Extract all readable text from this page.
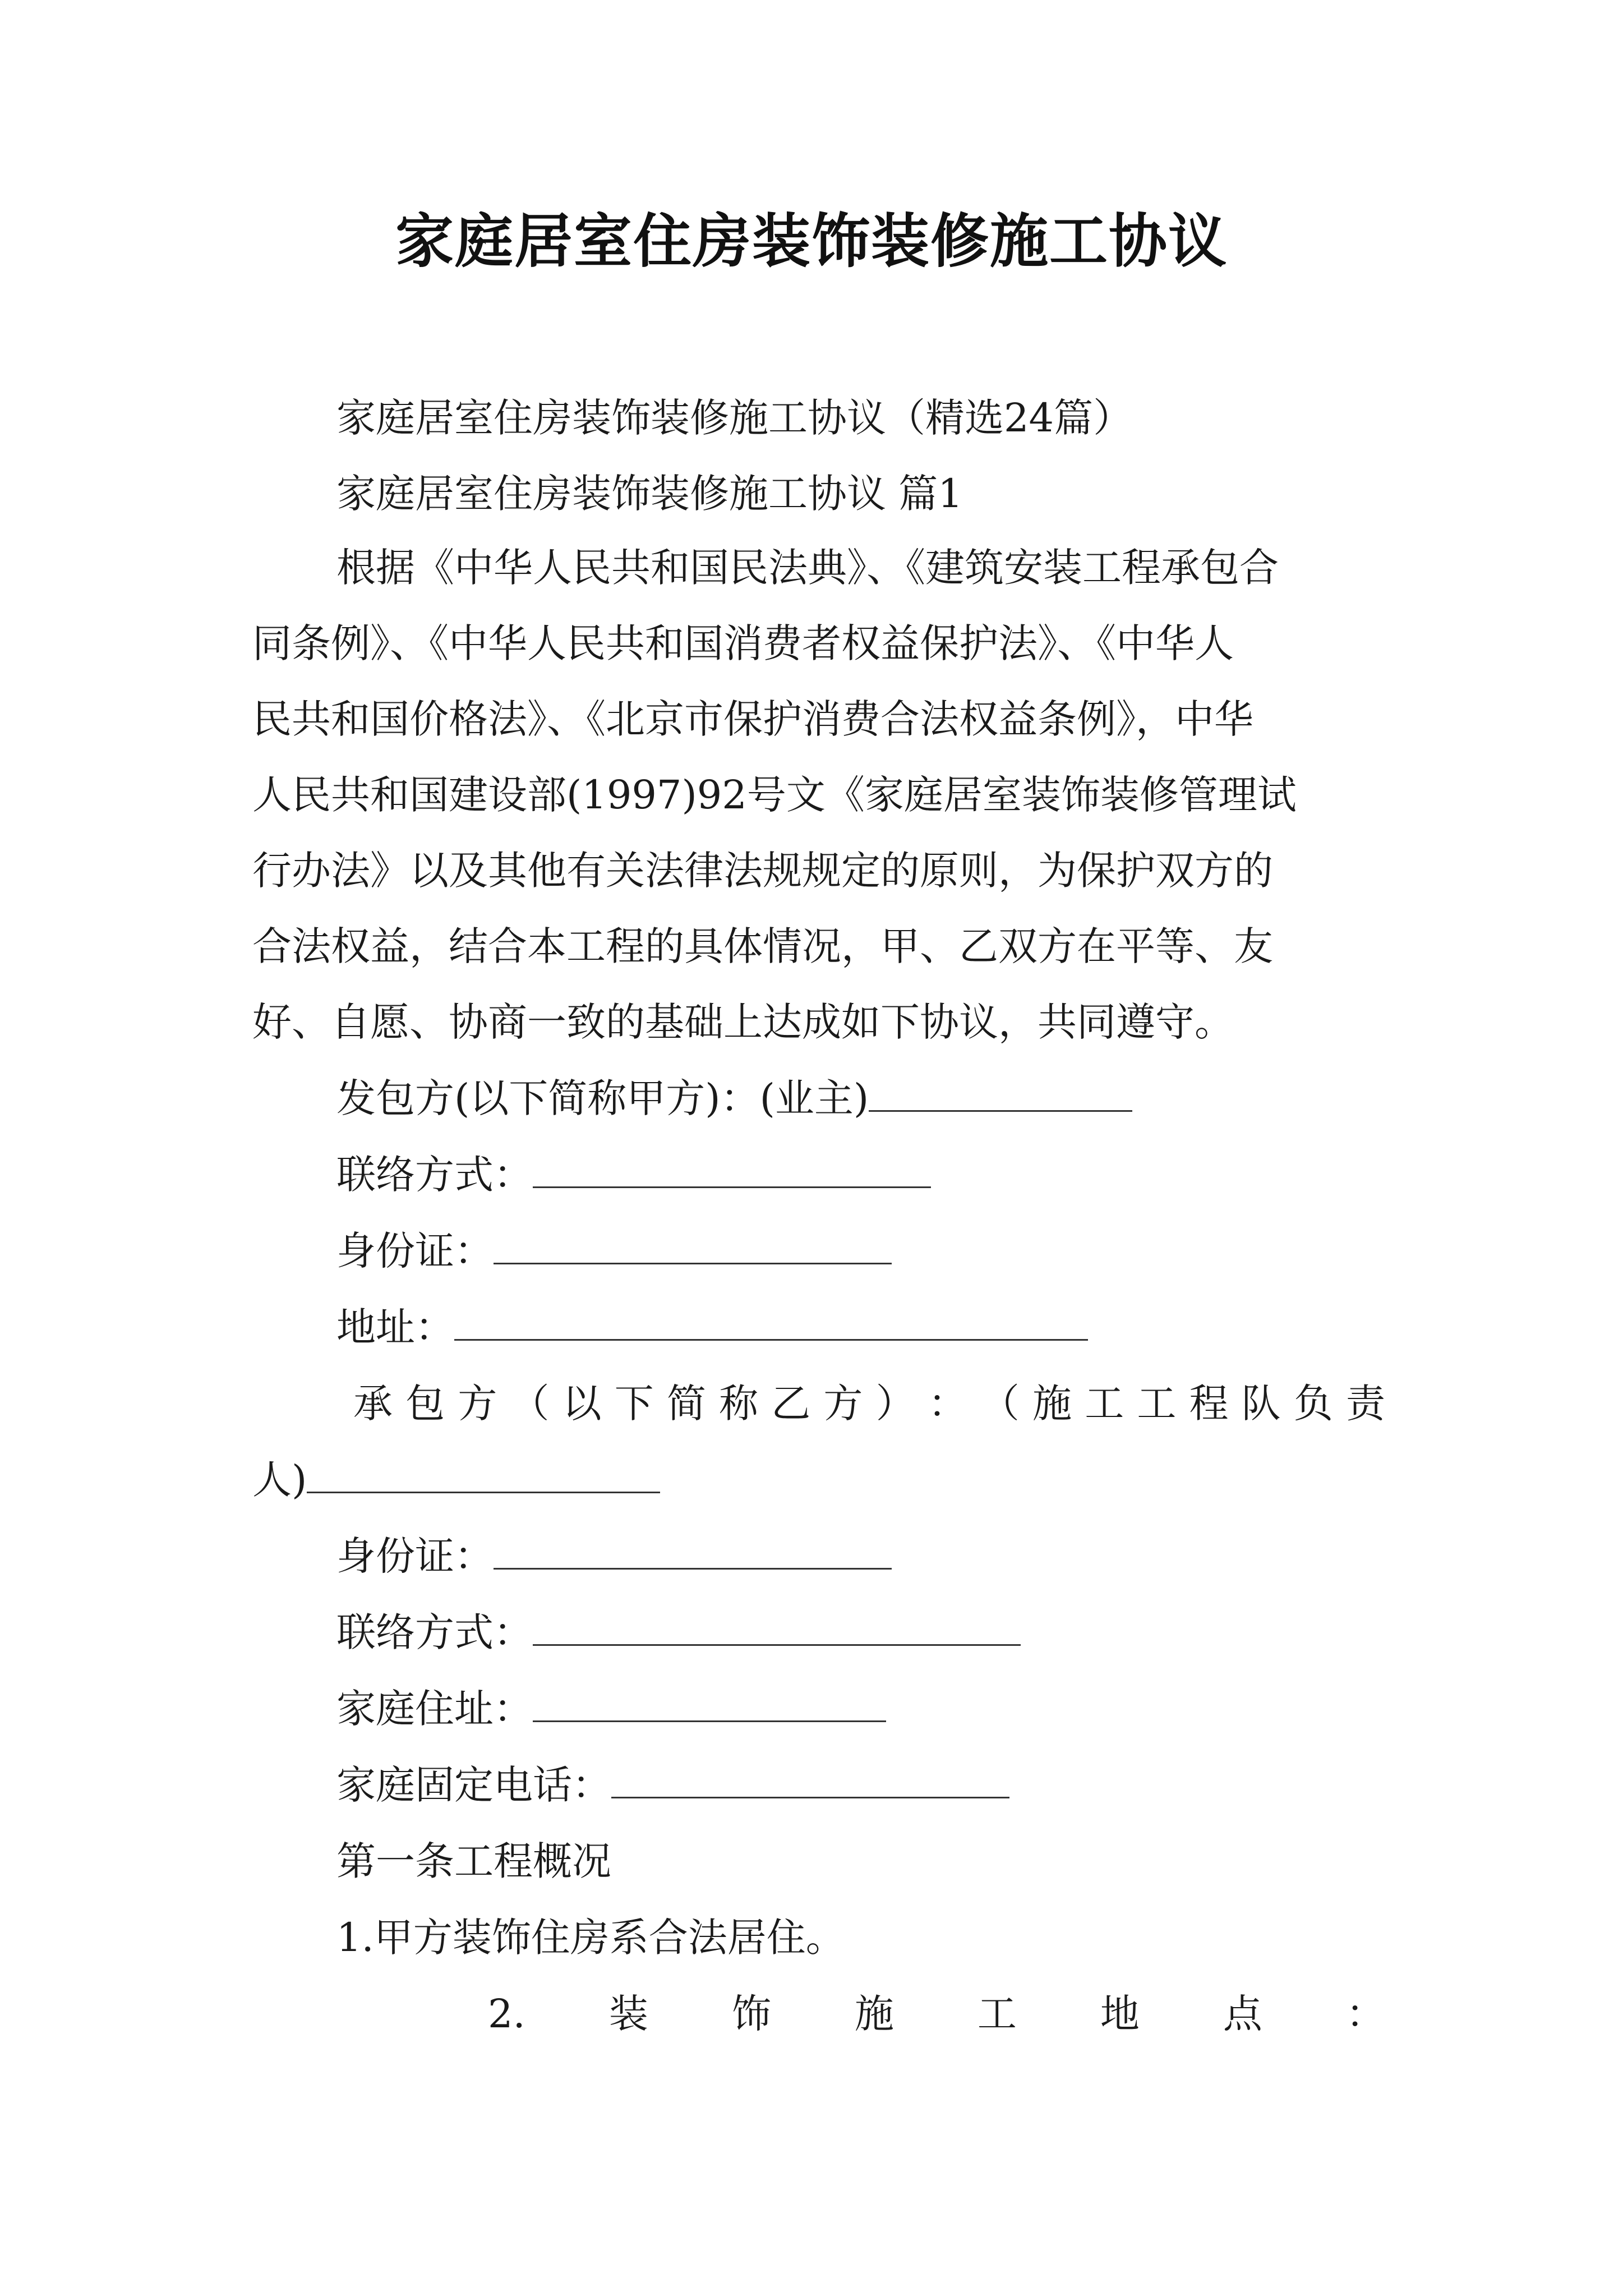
家庭居室住房装饰装修施工协议
家庭居室住房装饰装修施工协议（精选24篇）
家庭居室住房装饰装修施工协议 篇1
根据《中华人民共和国民法典》、《建筑安装工程承包合
同条例》、《中华人民共和国消费者权益保护法》、《中华人
民共和国价格法》、《北京市保护消费合法权益条例》，中华
人民共和国建设部(1997)92号文《家庭居室装饰装修管理试
行办法》以及其他有关法律法规规定的原则，为保护双方的
合法权益，结合本工程的具体情况，甲、乙双方在平等、友
好、自愿、协商一致的基础上达成如下协议，共同遵守。
发包方(以下简称甲方)：(业主)
联络方式：
身份证：
地址：
承 包 方 （ 以 下 简 称 乙 方 ） ： （ 施 工 工 程 队 负 责
人)
身份证：
联络方式：
家庭住址：
家庭固定电话：
第一条工程概况
1.甲方装饰住房系合法居住。
2. 装 饰 施 工 地 点 ：
